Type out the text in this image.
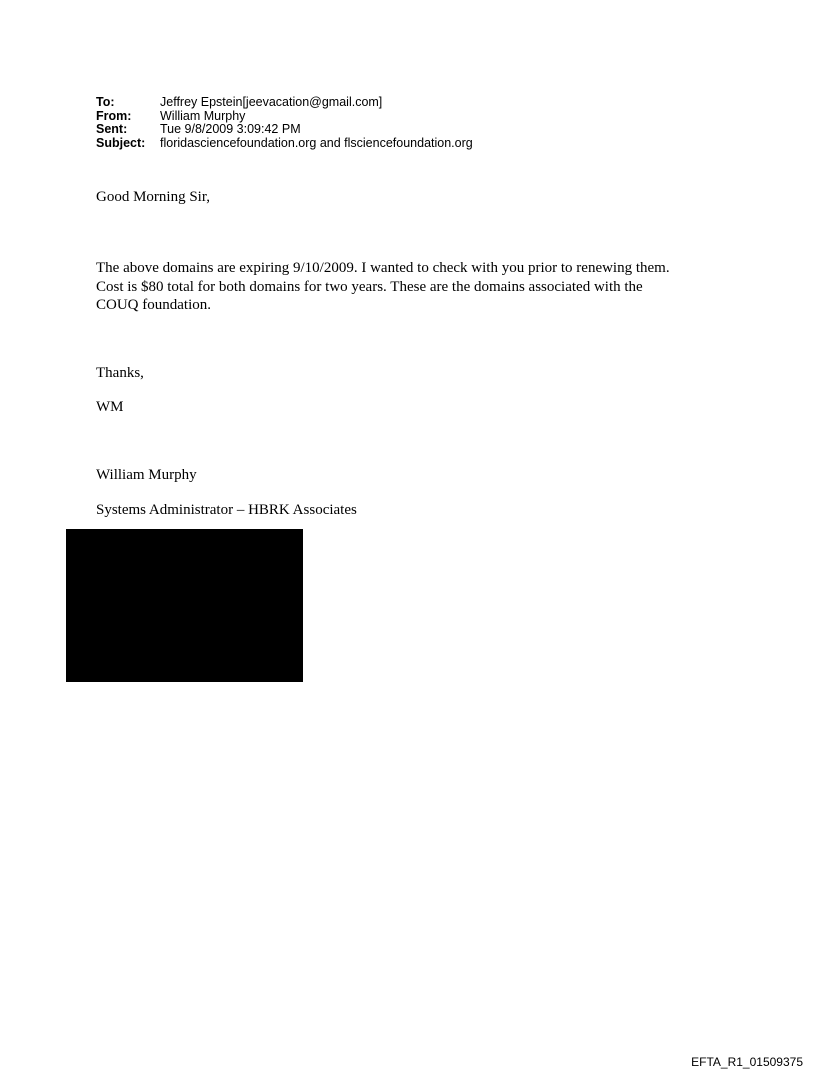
To:	Jeffrey Epstein[jeevacation@gmail.com]
From:	William Murphy
Sent:	Tue 9/8/2009 3:09:42 PM
Subject:	floridasciencefoundation.org and flsciencefoundation.org
Good Morning Sir,
The above domains are expiring 9/10/2009. I wanted to check with you prior to renewing them.
Cost is $80 total for both domains for two years. These are the domains associated with the
COUQ foundation.
Thanks,
WM
William Murphy
Systems Administrator – HBRK Associates
EFTA_R1_01509375
